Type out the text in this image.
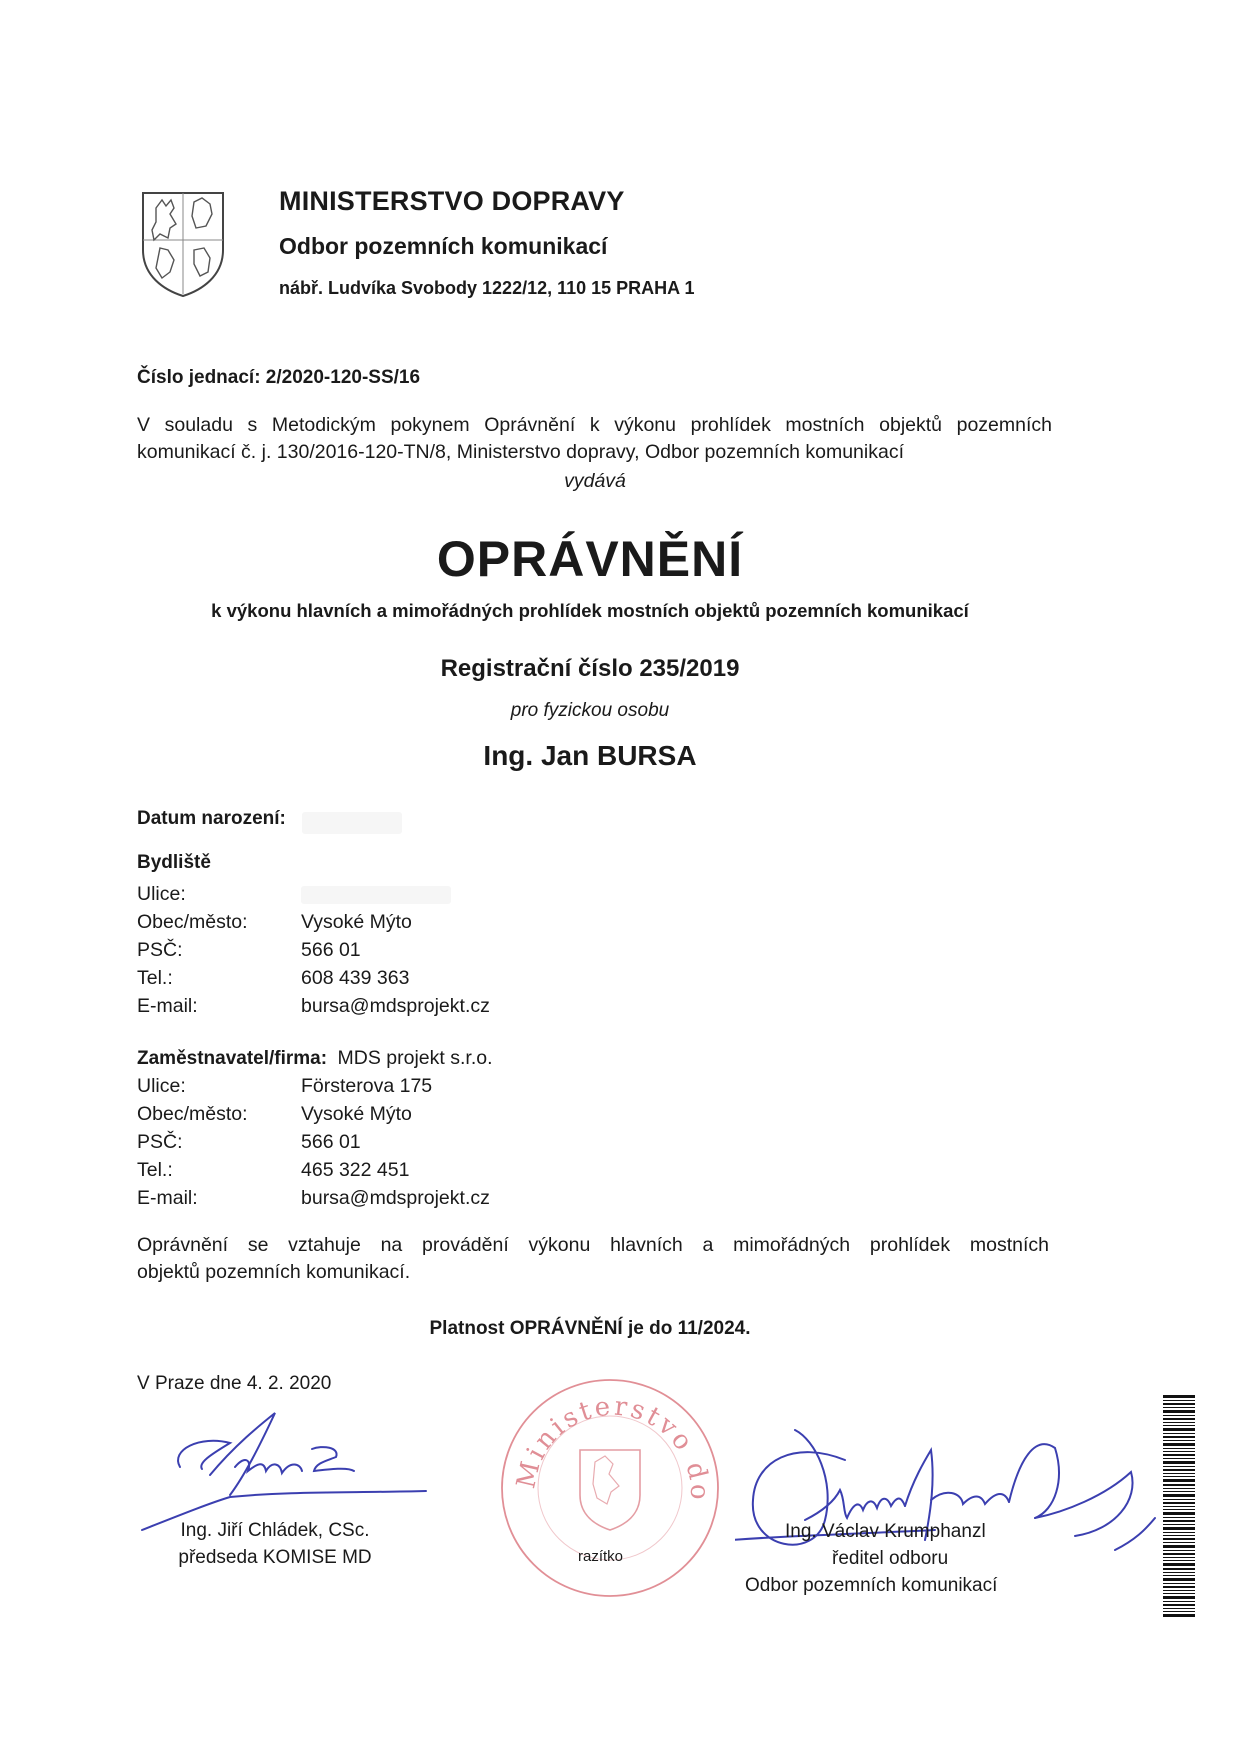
MINISTERSTVO DOPRAVY
Odbor pozemních komunikací
nábř. Ludvíka Svobody 1222/12, 110 15 PRAHA 1
Číslo jednací: 2/2020-120-SS/16
V souladu s Metodickým pokynem Oprávnění k výkonu prohlídek mostních objektů pozemních
komunikací č. j. 130/2016-120-TN/8, Ministerstvo dopravy, Odbor pozemních komunikací
vydává
OPRÁVNĚNÍ
k výkonu hlavních a mimořádných prohlídek mostních objektů pozemních komunikací
Registrační číslo 235/2019
pro fyzickou osobu
Ing. Jan BURSA
Datum narození:
Bydliště
Ulice:
Obec/město:	Vysoké Mýto
PSČ:	566 01
Tel.:	608 439 363
E-mail:	bursa@mdsprojekt.cz
Zaměstnavatel/firma: MDS projekt s.r.o.
Ulice:	Förster​ova 175
Obec/město:	Vysoké Mýto
PSČ:	566 01
Tel.:	465 322 451
E-mail:	bursa@mdsprojekt.cz
Oprávnění se vztahuje na provádění výkonu hlavních a mimořádných prohlídek mostních
objektů pozemních komunikací.
Platnost OPRÁVNĚNÍ je do 11/2024.
V Praze dne 4. 2. 2020
Ing. Jiří Chládek, CSc.
předseda KOMISE MD
Ministerstvo do
razítko
Ing. Václav Krumphanzl
ředitel odboru
Odbor pozemních komunikací
